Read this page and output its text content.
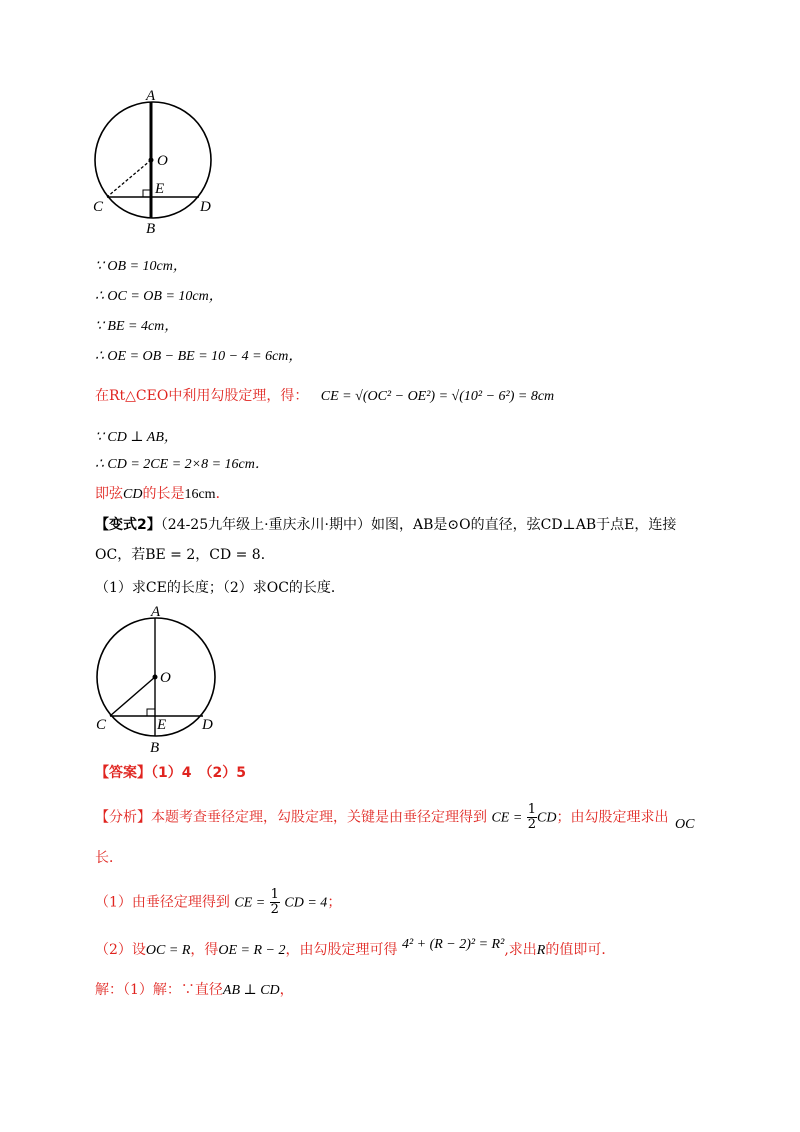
A
O
E
C	D
B
∵ OB = 10cm，
∴ OC = OB = 10cm，
∵ BE = 4cm，
∴ OE = OB − BE = 10 − 4 = 6cm，
在Rt△CEO中利用勾股定理，得： CE = √(OC² − OE²) = √(10² − 6²) = 8cm
∵ CD ⊥ AB，
∴ CD = 2CE = 2×8 = 16cm．
即弦CD的长是16cm．
【变式2】（24-25九年级上·重庆永川·期中）如图，AB是⊙O的直径，弦CD⊥AB于点E，连接
OC，若BE = 2，CD = 8．
（1）求CE的长度；（2）求OC的长度．
A
O
E
C	D
B
【答案】（1）4　（2）5
【分析】本题考查垂径定理，勾股定理，关键是由垂径定理得到 CE = $\frac{1}{2}$ CD；由勾股定理求出 OC
长．
（1）由垂径定理得到 CE = $\frac{1}{2}$ CD = 4；
（2）设OC = R，得OE = R − 2，由勾股定理可得 4² + (R − 2)² = R²,求出R的值即可．
解：（1）解：∵直径AB ⊥ CD，
